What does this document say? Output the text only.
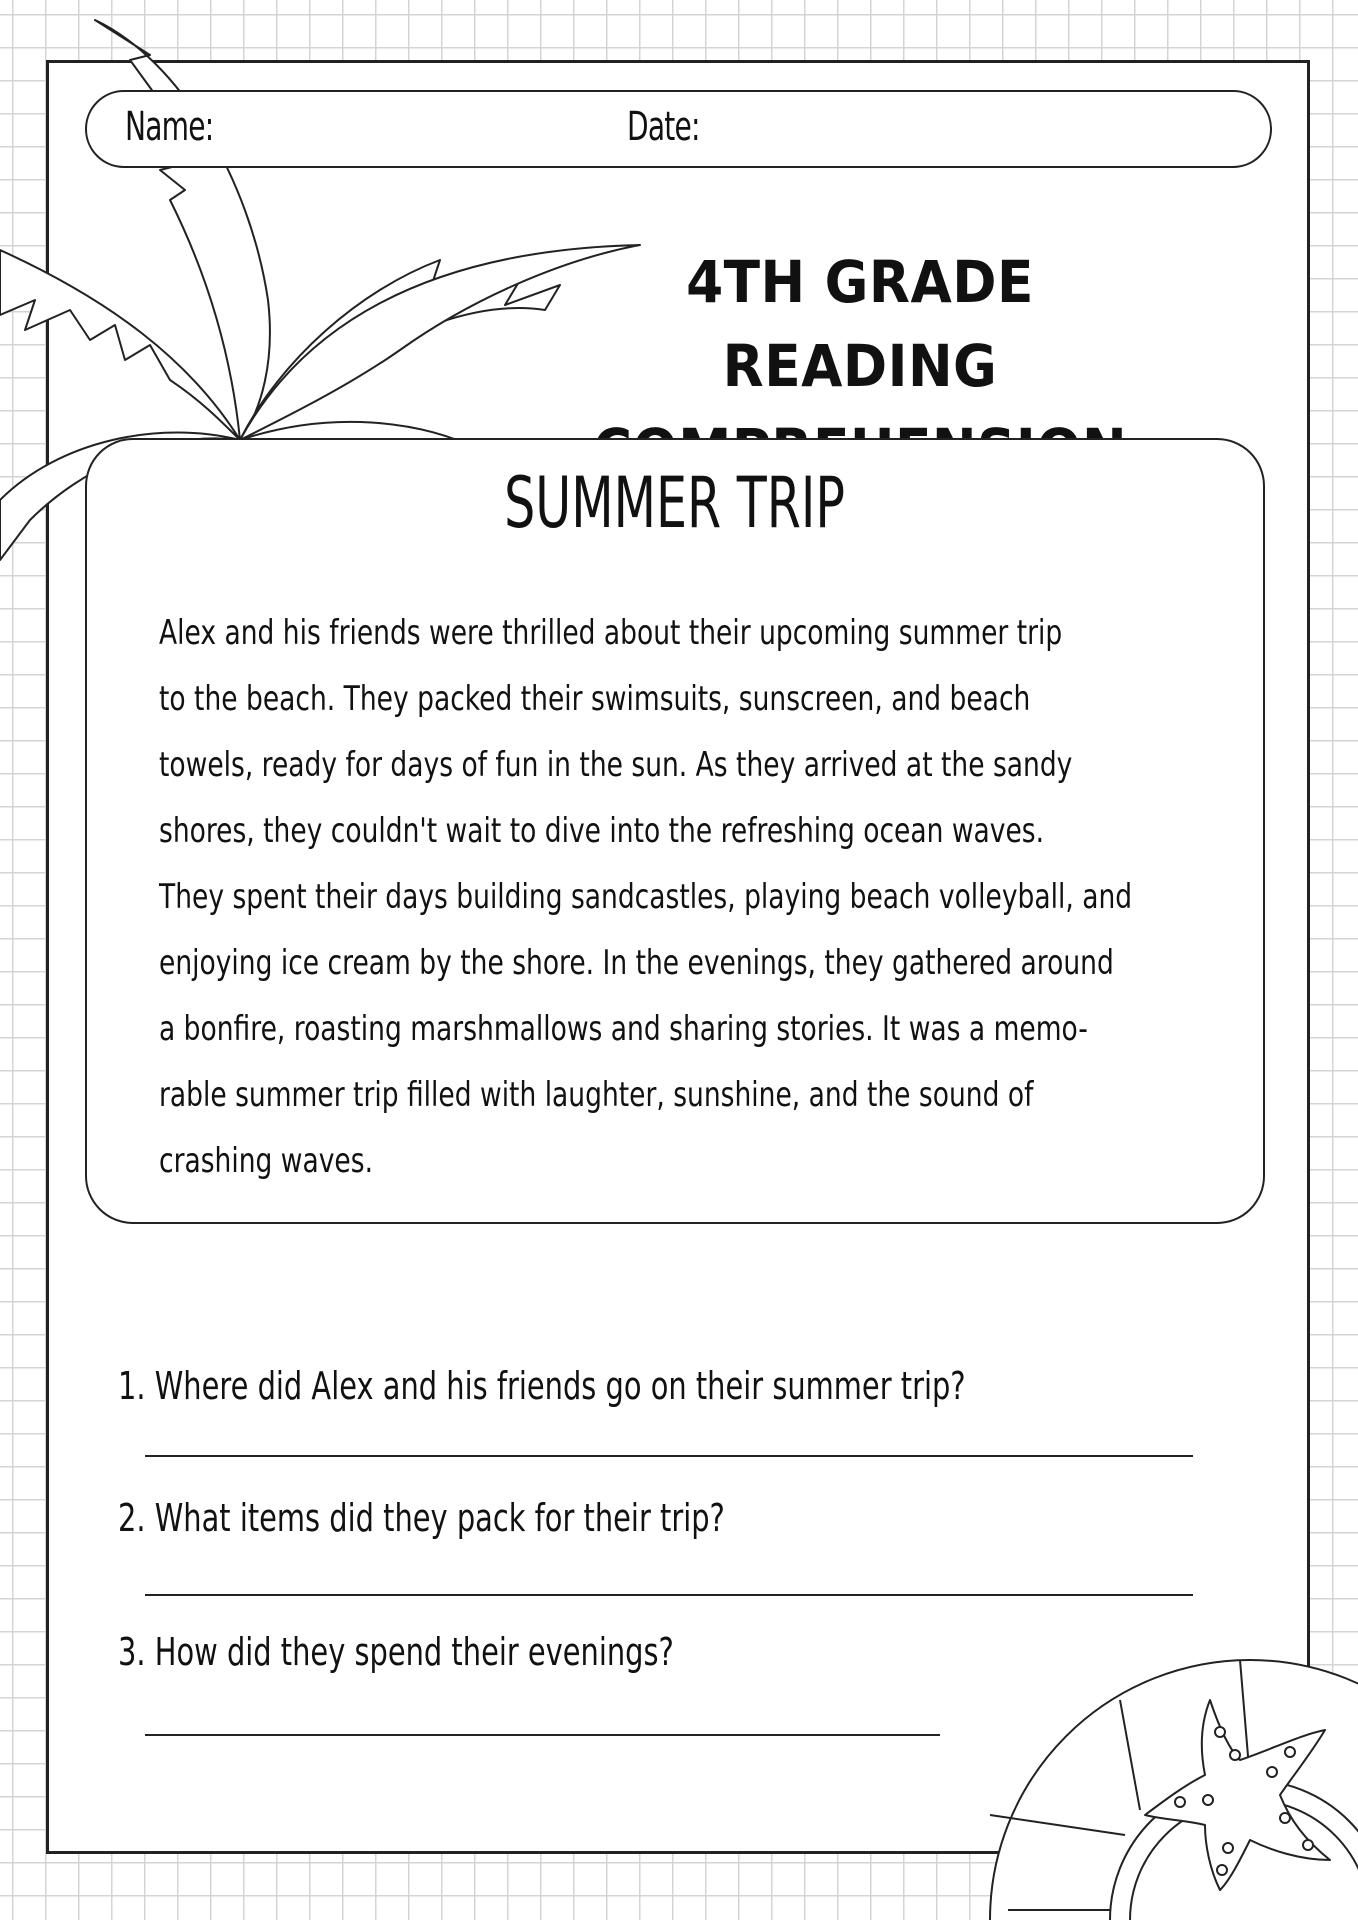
Name:	Date:
4TH GRADE
READING
SUMMER TRIP
Alex and his friends were thrilled about their upcoming summer trip
to the beach. They packed their swimsuits, sunscreen, and beach
towels, ready for days of fun in the sun. As they arrived at the sandy
shores, they couldn't wait to dive into the refreshing ocean waves.
They spent their days building sandcastles, playing beach volleyball, and
enjoying ice cream by the shore. In the evenings, they gathered around
a bonfire, roasting marshmallows and sharing stories. It was a memo-
rable summer trip filled with laughter, sunshine, and the sound of
crashing waves.
1. Where did Alex and his friends go on their summer trip?
2. What items did they pack for their trip?
3. How did they spend their evenings?
